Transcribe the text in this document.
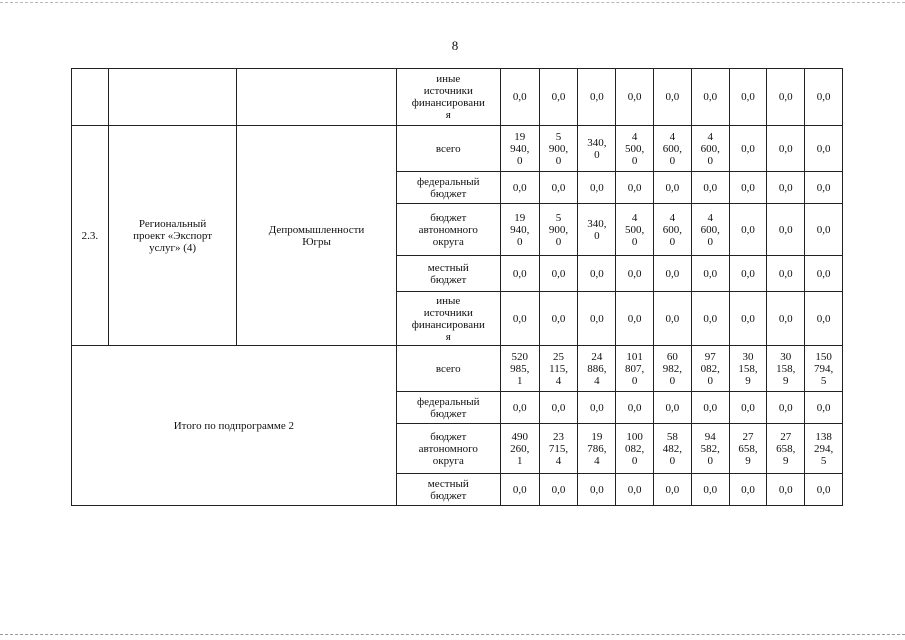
8
			иные
источники
финансировани
я	0,0	0,0	0,0	0,0	0,0	0,0	0,0	0,0	0,0
2.3.	Региональный
проект «Экспорт
услуг» (4)	Депромышленности
Югры	всего	19
940,
0	5
900,
0	340,
0	4
500,
0	4
600,
0	4
600,
0	0,0	0,0	0,0
			федеральный
бюджет	0,0	0,0	0,0	0,0	0,0	0,0	0,0	0,0	0,0
			бюджет
автономного
округа	19
940,
0	5
900,
0	340,
0	4
500,
0	4
600,
0	4
600,
0	0,0	0,0	0,0
			местный
бюджет	0,0	0,0	0,0	0,0	0,0	0,0	0,0	0,0	0,0
			иные
источники
финансировани
я	0,0	0,0	0,0	0,0	0,0	0,0	0,0	0,0	0,0
Итого по подпрограмме 2			всего	520
985,
1	25
115,
4	24
886,
4	101
807,
0	60
982,
0	97
082,
0	30
158,
9	30
158,
9	150
794,
5
			федеральный
бюджет	0,0	0,0	0,0	0,0	0,0	0,0	0,0	0,0	0,0
			бюджет
автономного
округа	490
260,
1	23
715,
4	19
786,
4	100
082,
0	58
482,
0	94
582,
0	27
658,
9	27
658,
9	138
294,
5
			местный
бюджет	0,0	0,0	0,0	0,0	0,0	0,0	0,0	0,0	0,0
